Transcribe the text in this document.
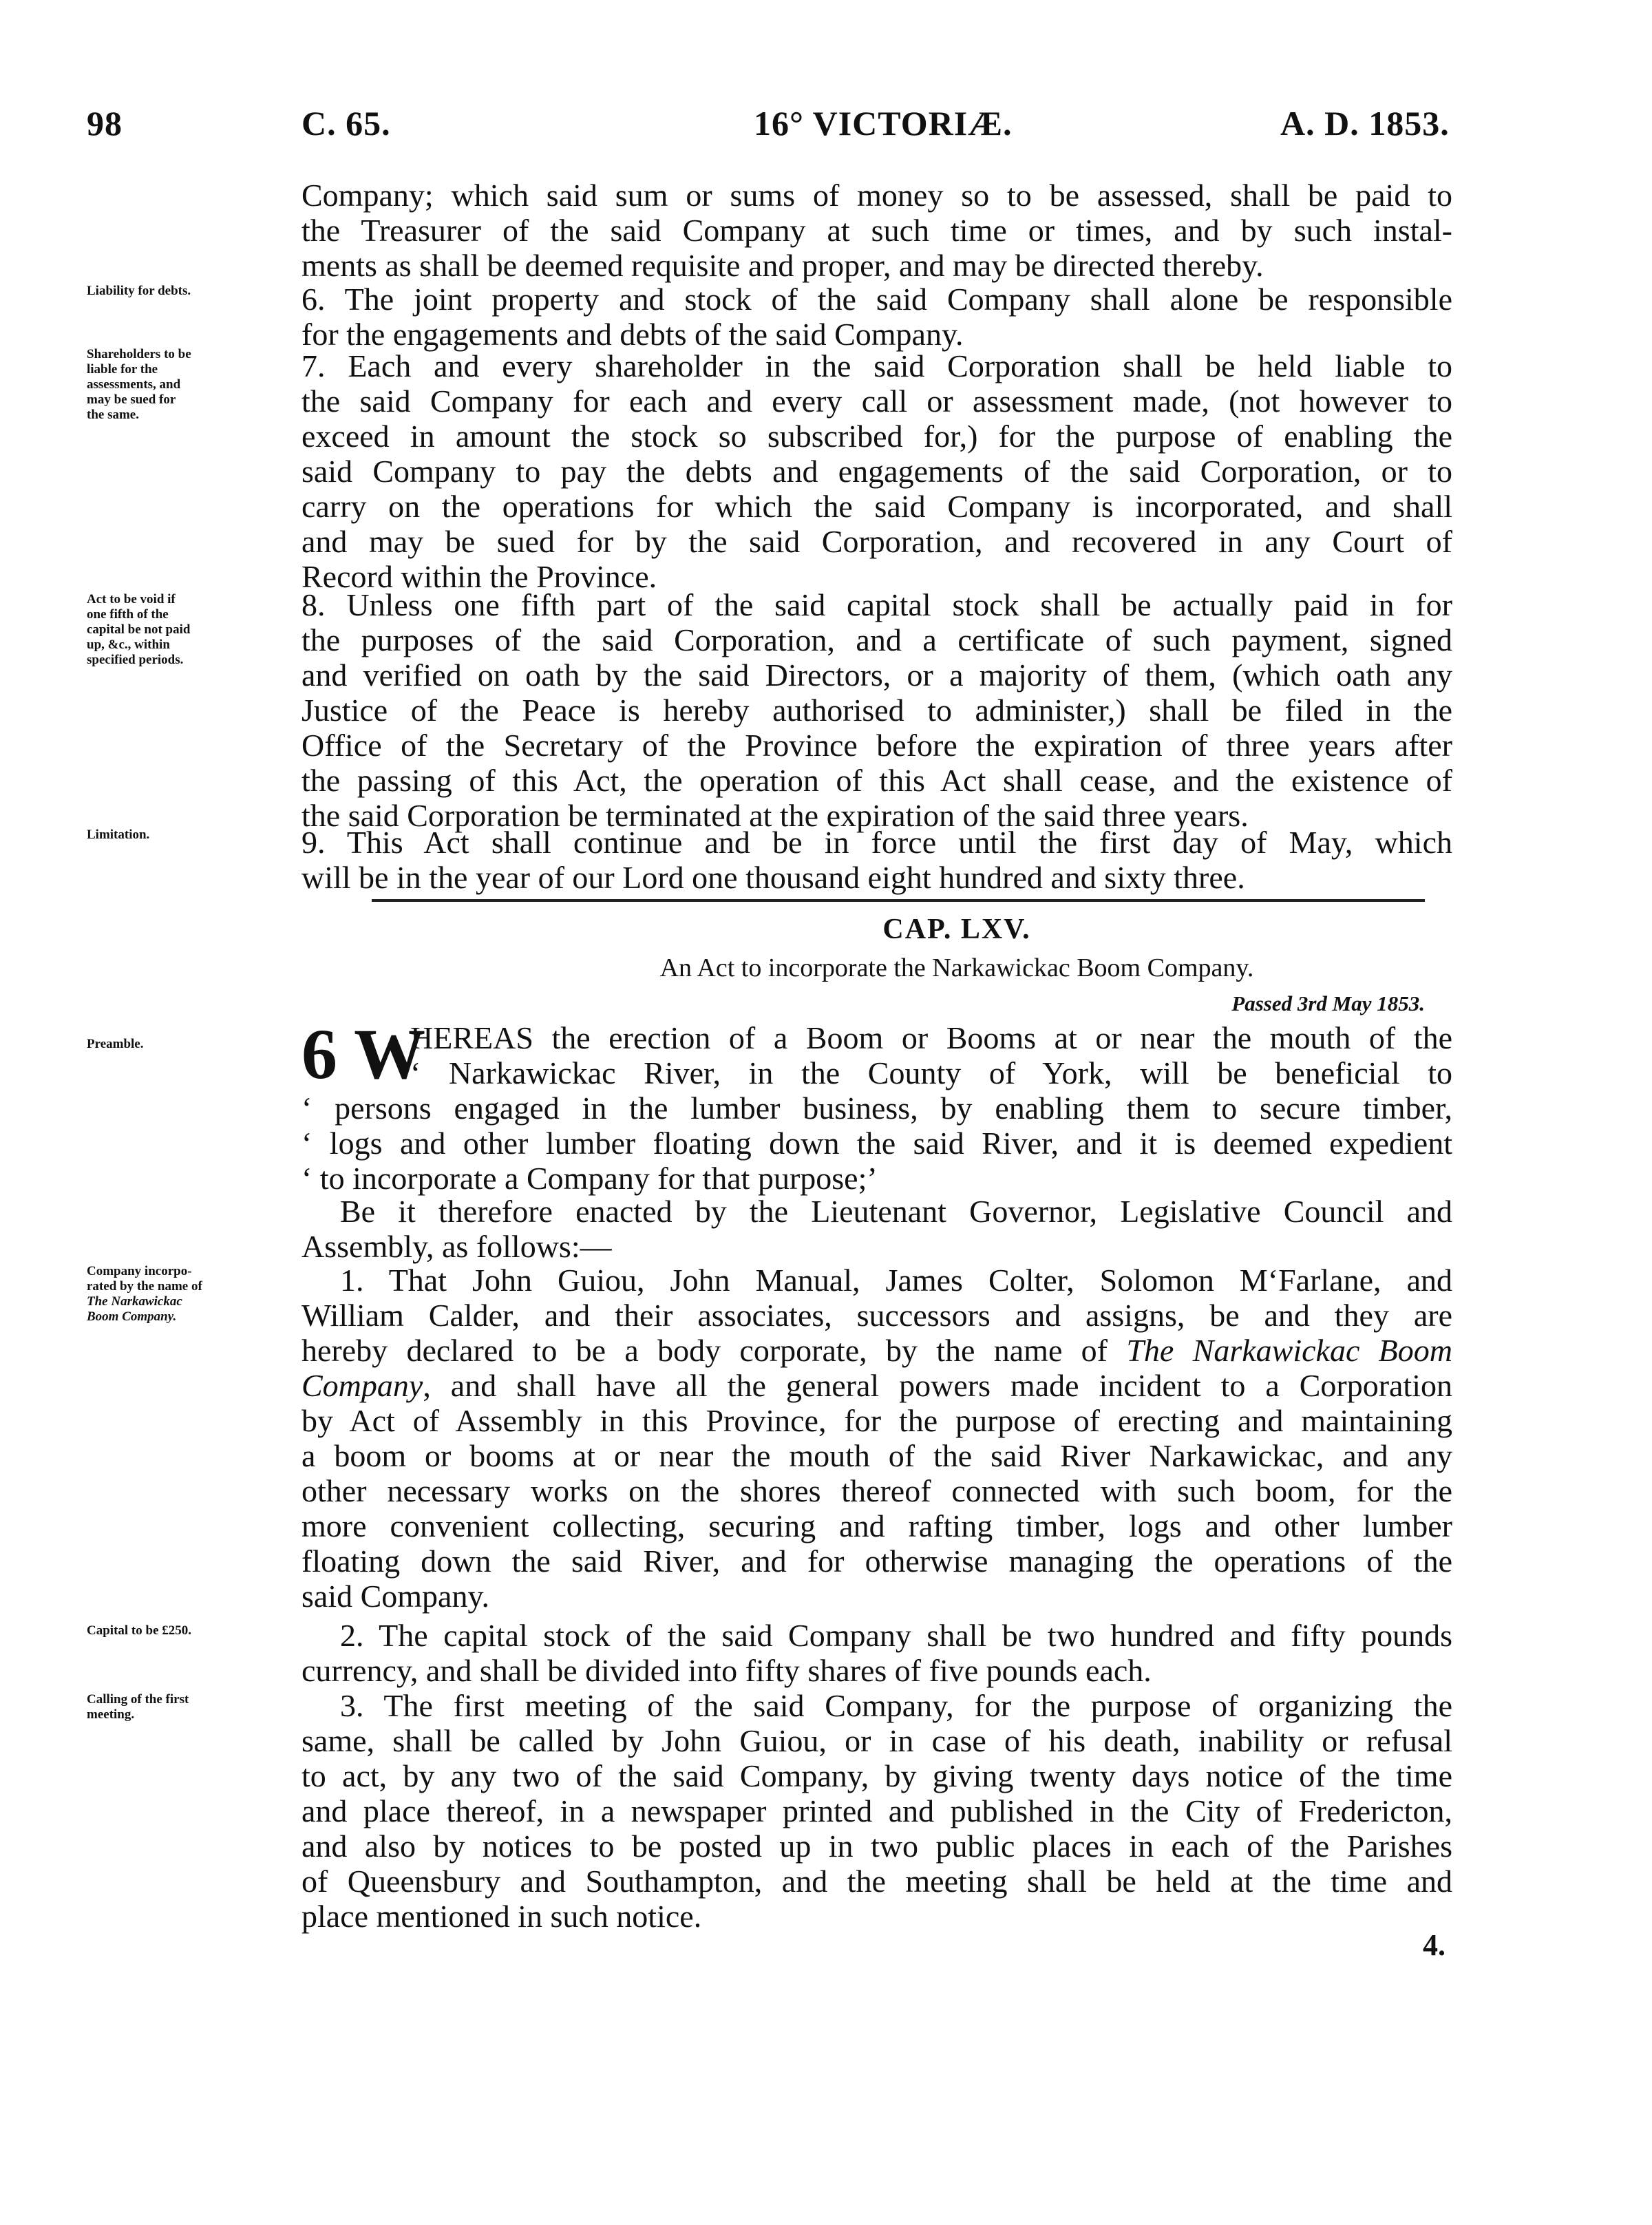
98	C. 65.	16° VICTORIÆ.	A. D. 1853.
Company; which said sum or sums of money so to be assessed, shall be paid to
the Treasurer of the said Company at such time or times, and by such instal-
ments as shall be deemed requisite and proper, and may be directed thereby.
Liability for debts.	6. The joint property and stock of the said Company shall alone be responsible
for the engagements and debts of the said Company.
Shareholders to be
liable for the
assessments, and
may be sued for
the same.
7. Each and every shareholder in the said Corporation shall be held liable to
the said Company for each and every call or assessment made, (not however to
exceed in amount the stock so subscribed for,) for the purpose of enabling the
said Company to pay the debts and engagements of the said Corporation, or to
carry on the operations for which the said Company is incorporated, and shall
and may be sued for by the said Corporation, and recovered in any Court of
Record within the Province.
Act to be void if
one fifth of the
capital be not paid
up, &c., within
specified periods.
8. Unless one fifth part of the said capital stock shall be actually paid in for
the purposes of the said Corporation, and a certificate of such payment, signed
and verified on oath by the said Directors, or a majority of them, (which oath any
Justice of the Peace is hereby authorised to administer,) shall be filed in the
Office of the Secretary of the Province before the expiration of three years after
the passing of this Act, the operation of this Act shall cease, and the existence of
the said Corporation be terminated at the expiration of the said three years.
Limitation.	9. This Act shall continue and be in force until the first day of May, which
will be in the year of our Lord one thousand eight hundred and sixty three.
CAP. LXV.
An Act to incorporate the Narkawickac Boom Company.
Passed 3rd May 1853.
Preamble.	6 W
HEREAS the erection of a Boom or Booms at or near the mouth of the
‘ Narkawickac River, in the County of York, will be beneficial to
‘ persons engaged in the lumber business, by enabling them to secure timber,
‘ logs and other lumber floating down the said River, and it is deemed expedient
‘ to incorporate a Company for that purpose;’
Be it therefore enacted by the Lieutenant Governor, Legislative Council and
Assembly, as follows:—
Company incorpo-
rated by the name of
The Narkawickac
Boom Company.
1. That John Guiou, John Manual, James Colter, Solomon M‘Farlane, and
William Calder, and their associates, successors and assigns, be and they are
hereby declared to be a body corporate, by the name of The Narkawickac Boom
Company, and shall have all the general powers made incident to a Corporation
by Act of Assembly in this Province, for the purpose of erecting and maintaining
a boom or booms at or near the mouth of the said River Narkawickac, and any
other necessary works on the shores thereof connected with such boom, for the
more convenient collecting, securing and rafting timber, logs and other lumber
floating down the said River, and for otherwise managing the operations of the
said Company.
Capital to be £250.	2. The capital stock of the said Company shall be two hundred and fifty pounds
currency, and shall be divided into fifty shares of five pounds each.
Calling of the first
meeting.	3. The first meeting of the said Company, for the purpose of organizing the
same, shall be called by John Guiou, or in case of his death, inability or refusal
to act, by any two of the said Company, by giving twenty days notice of the time
and place thereof, in a newspaper printed and published in the City of Fredericton,
and also by notices to be posted up in two public places in each of the Parishes
of Queensbury and Southampton, and the meeting shall be held at the time and
place mentioned in such notice.
4.
